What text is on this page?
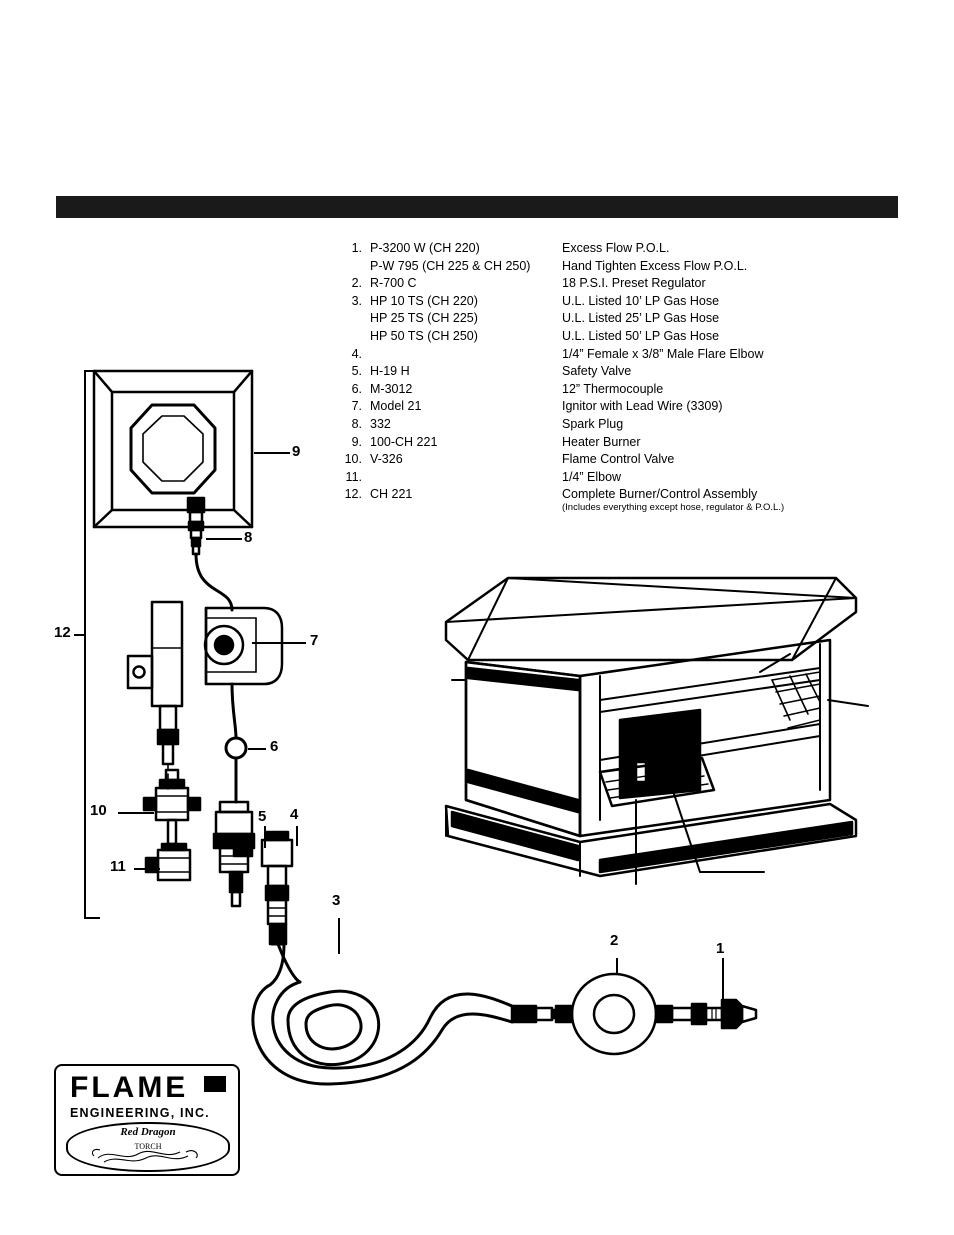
1. P-3200 W (CH 220)	Excess Flow P.O.L.
P-W 795 (CH 225 & CH 250)	Hand Tighten Excess Flow P.O.L.
2. R-700 C	18 P.S.I. Preset Regulator
3. HP 10 TS (CH 220)	U.L. Listed 10’ LP Gas Hose
HP 25 TS (CH 225)	U.L. Listed 25’ LP Gas Hose
HP 50 TS (CH 250)	U.L. Listed 50’ LP Gas Hose
4.	1/4” Female x 3/8” Male Flare Elbow
5. H-19 H	Safety Valve
6. M-3012	12” Thermocouple
7. Model 21	Ignitor with Lead Wire (3309)
8. 332	Spark Plug
9. 100-CH 221	Heater Burner
10. V-326	Flame Control Valve
11.	1/4” Elbow
12. CH 221	Complete Burner/Control Assembly
(Includes everything except hose, regulator & P.O.L.)
9
8
7
6
5 4
3
2	1
10
11
12
FLAME
ENGINEERING, INC.
Red Dragon
TORCH
